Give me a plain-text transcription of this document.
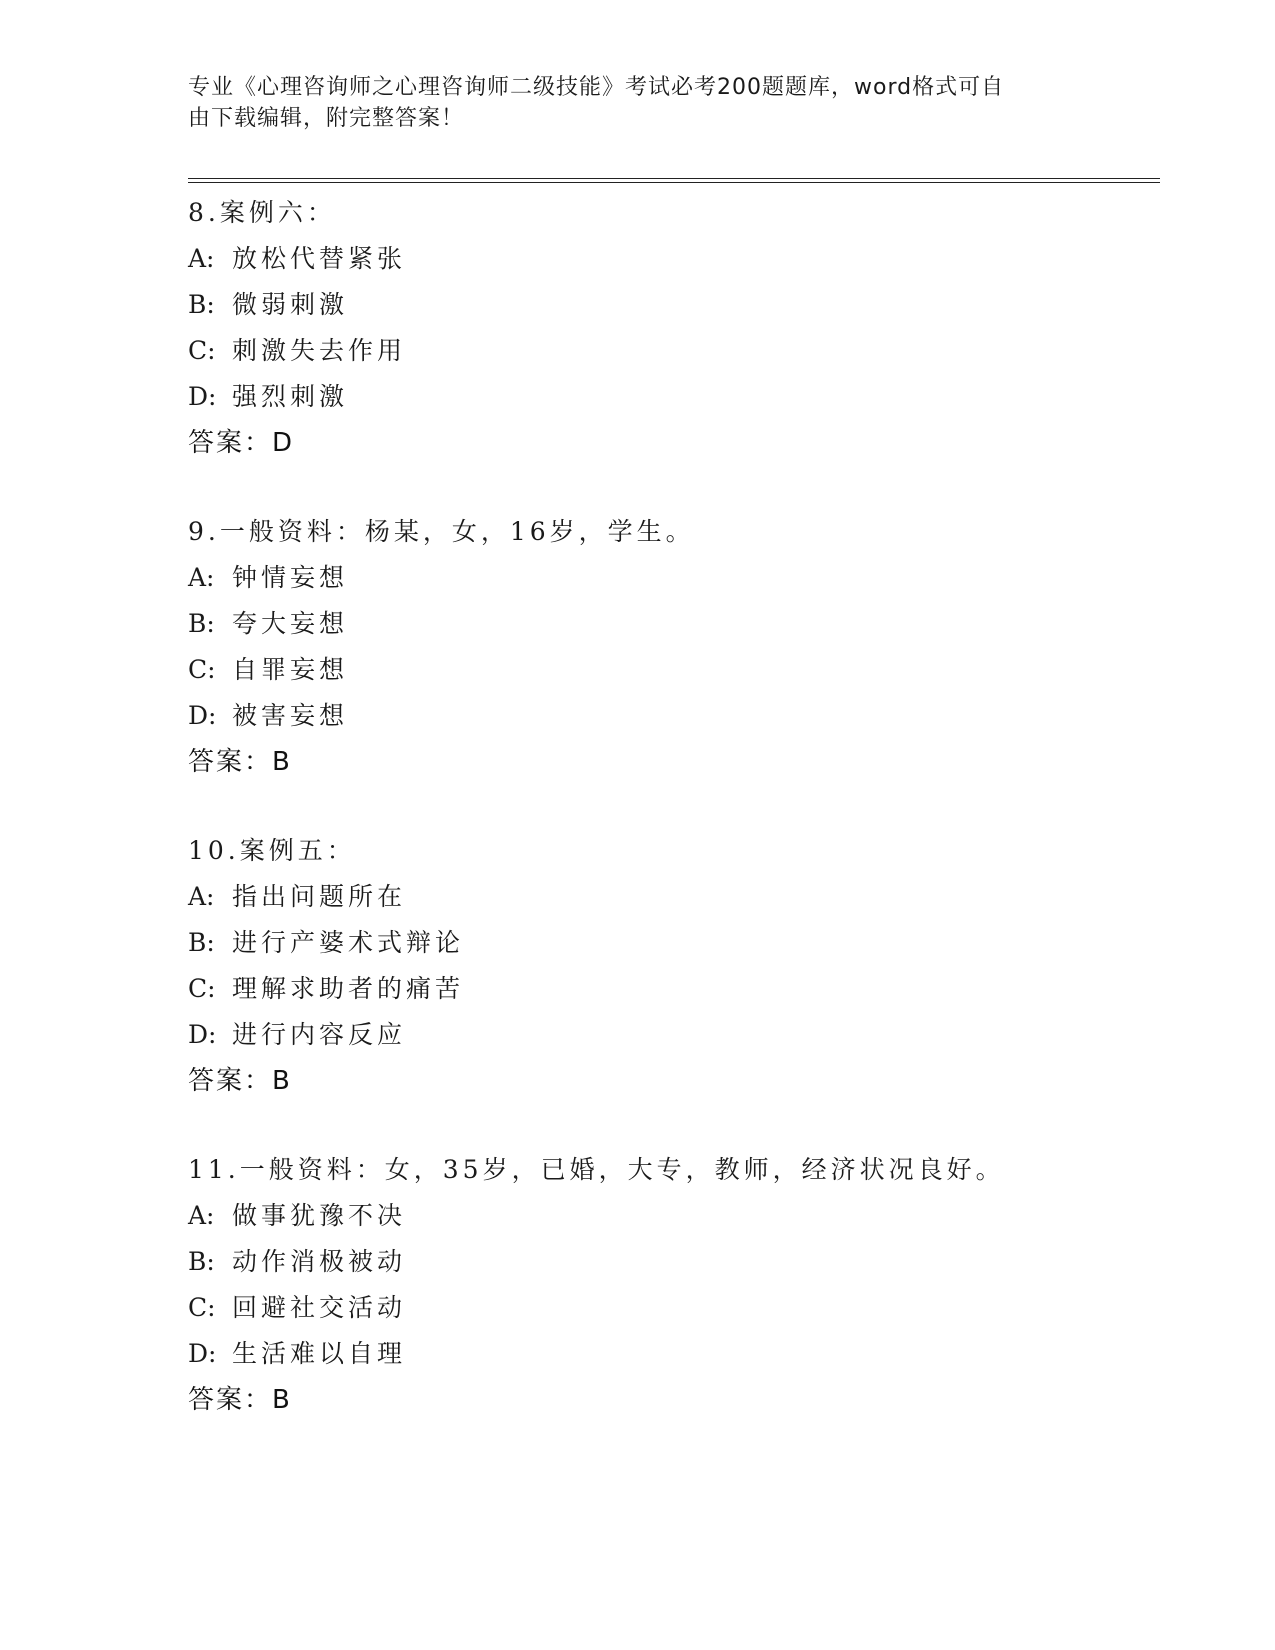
专业《心理咨询师之心理咨询师二级技能》考试必考200题题库，word格式可自
由下载编辑，附完整答案！
8.案例六：
A: 放松代替紧张
B: 微弱刺激
C: 刺激失去作用
D: 强烈刺激
答案：D
9.一般资料：杨某，女，16岁，学生。
A: 钟情妄想
B: 夸大妄想
C: 自罪妄想
D: 被害妄想
答案：B
10.案例五：
A: 指出问题所在
B: 进行产婆术式辩论
C: 理解求助者的痛苦
D: 进行内容反应
答案：B
11.一般资料：女，35岁，已婚，大专，教师，经济状况良好。
A: 做事犹豫不决
B: 动作消极被动
C: 回避社交活动
D: 生活难以自理
答案：B
